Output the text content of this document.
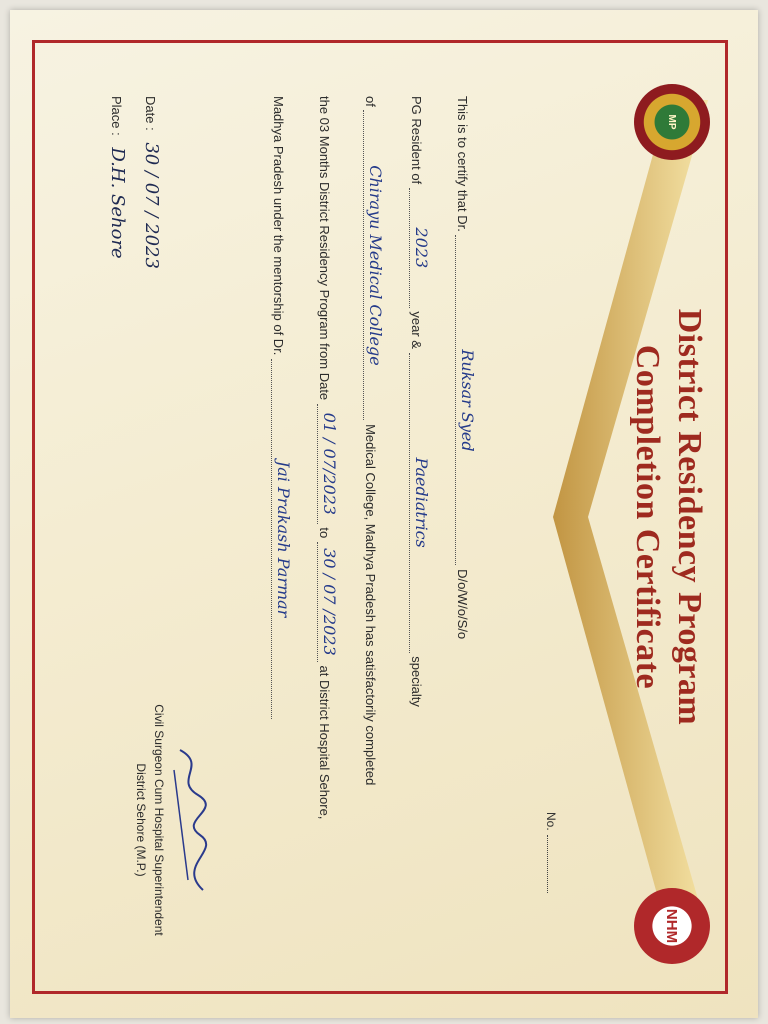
MP
NHM
District Residency Program
Completion Certificate
No.
This is to certify that Dr. Ruksar Syed D/o/W/o/S/o
PG Resident of 2023 year & Paediatrics specialty
of Chirayu Medical College Medical College, Madhya Pradesh has satisfactorily completed
the 03 Months District Residency Program from Date 01 / 07/2023 to 30 / 07 /2023 at District Hospital Sehore,
Madhya Pradesh under the mentorship of Dr. Jai Prakash Parmar
Civil Surgeon Cum Hospital Superintendent
District Sehore (M.P.)
Date : 30 / 07 / 2023
Place : D.H. Sehore
